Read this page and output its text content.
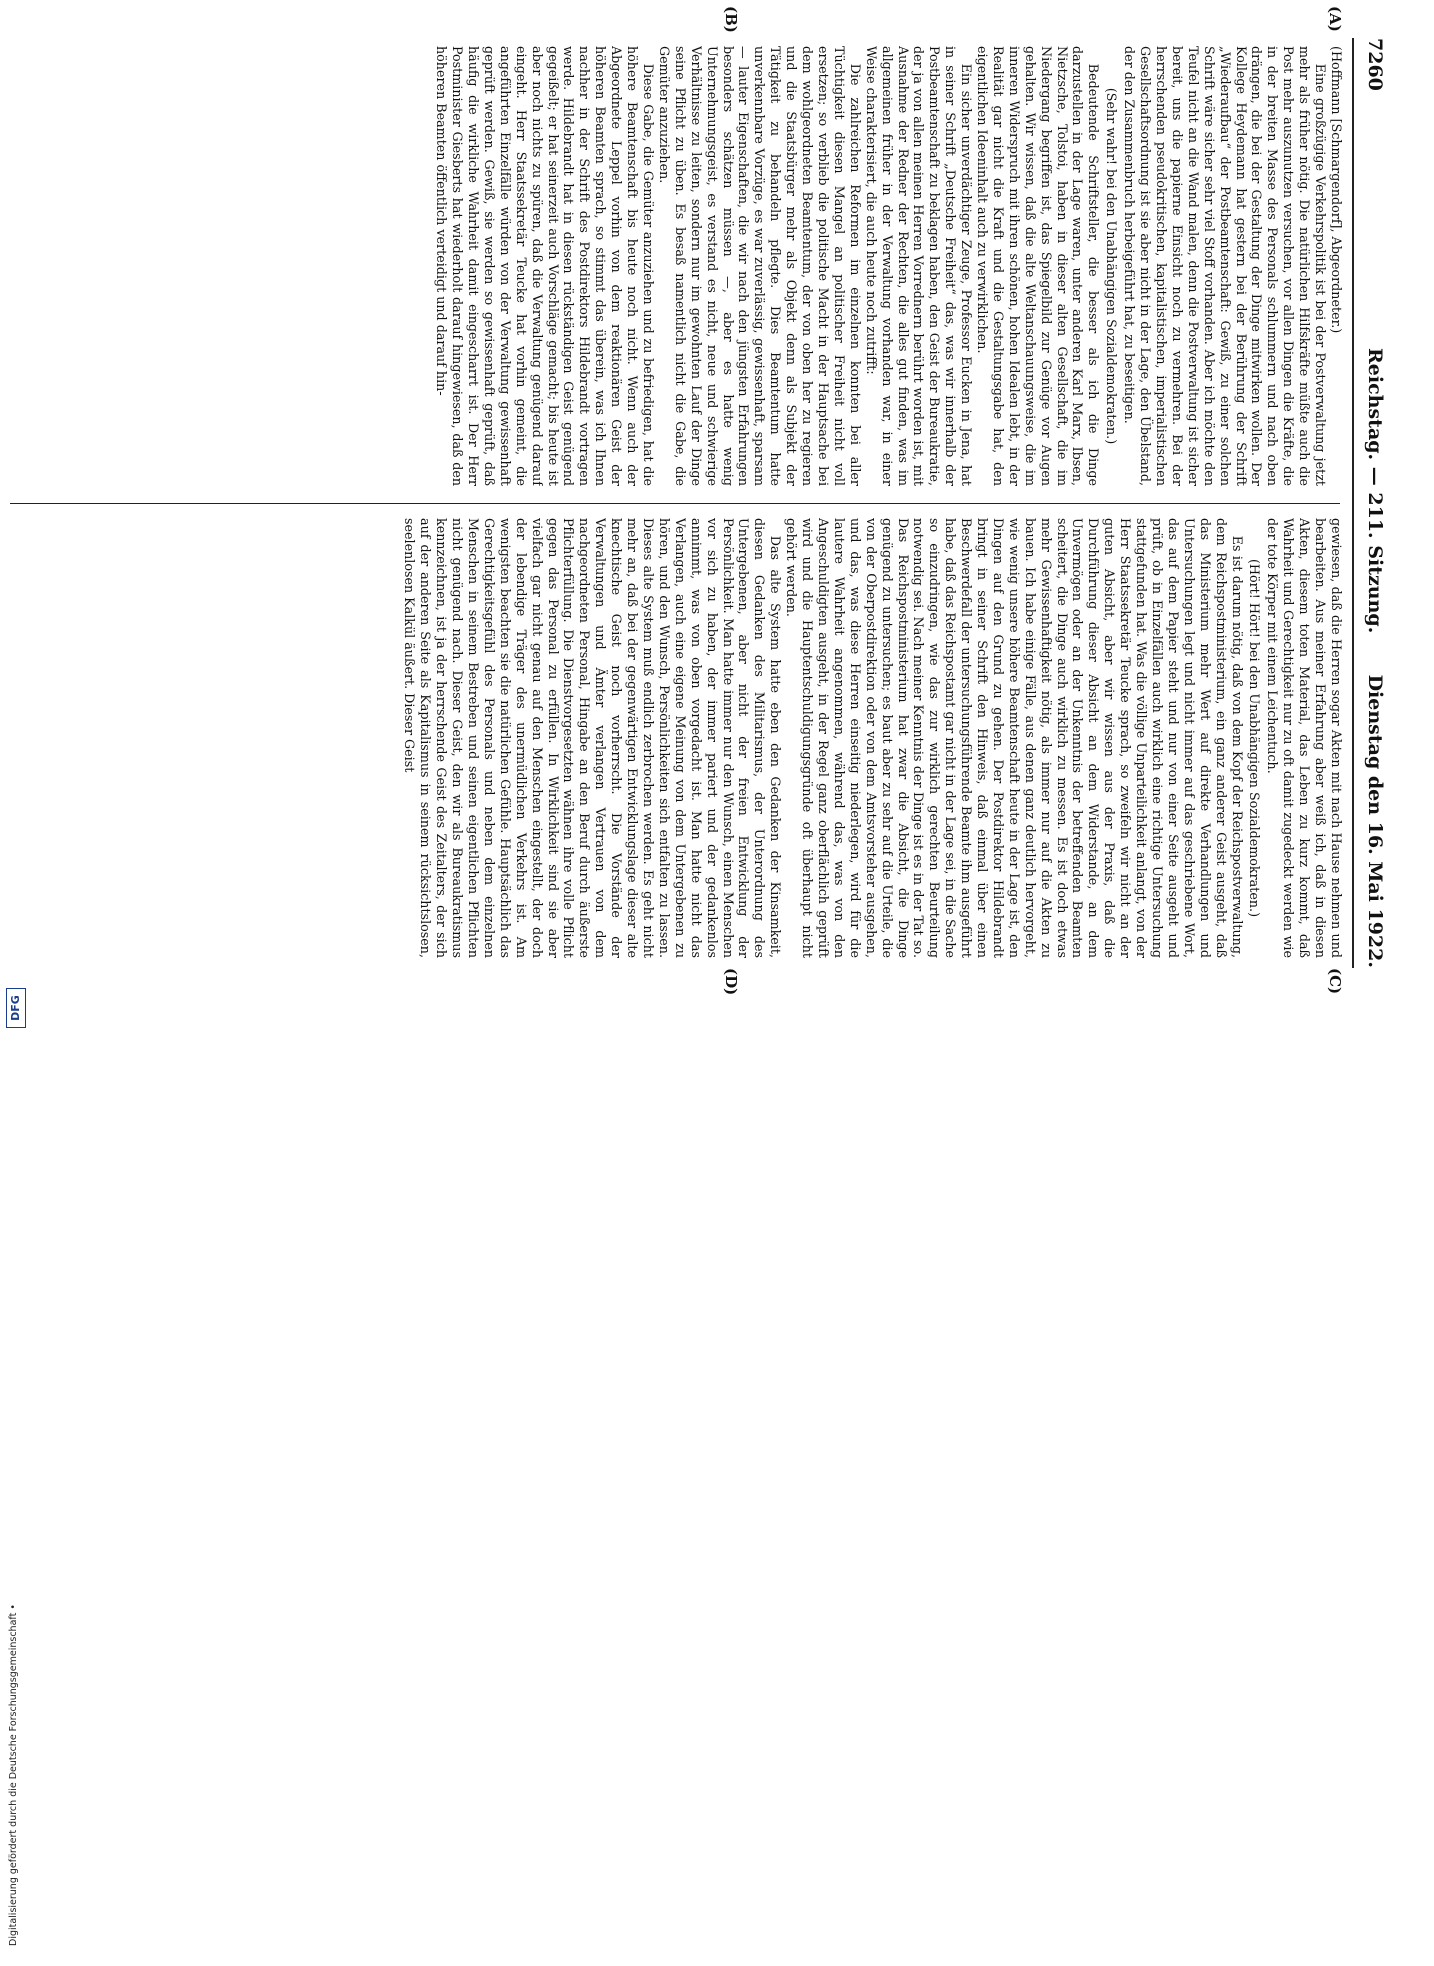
7260
Reichstag. — 211. Sitzung.
Dienstag den 16. Mai 1922.
(A)
(B)
(C)
(D)

(Hoffmann [Schmargendorf], Abgeordneter.)

Eine großzügige Verkehrspolitik ist bei der Postverwaltung jetzt mehr als früher nötig. Die natürlichen Hilfskräfte müßte auch die Post mehr auszunutzen versuchen, vor allen Dingen die Kräfte, die in der breiten Masse des Personals schlummern und nach oben drängen, die bei der Gestaltung der Dinge mitwirken wollen. Der Kollege Heydemann hat gestern bei der Berührung der Schrift „Wiederaufbau“ der Postbeamtenschaft: Gewiß, zu einer solchen Schrift wäre sicher sehr viel Stoff vorhanden. Aber ich möchte den Teufel nicht an die Wand malen, denn die Postverwaltung ist sicher bereit, uns die papierne Einsicht noch zu vermehren. Bei der herrschenden pseudokritischen, kapitalistischen, imperialistischen Gesellschaftsordnung ist sie aber nicht in der Lage, den Übelstand, der den Zusammenbruch herbeigeführt hat, zu beseitigen.

(Sehr wahr! bei den Unabhängigen Sozialdemokraten.)

Bedeutende Schriftsteller, die besser als ich die Dinge darzustellen in der Lage waren, unter anderen Karl Marx, Ibsen, Nietzsche, Tolstoi, haben in dieser alten Gesellschaft, die im Niedergang begriffen ist, das Spiegelbild zur Genüge vor Augen gehalten. Wir wissen, daß die alte Weltanschauungsweise, die im inneren Widerspruch mit ihren schönen, hohen Idealen lebt, in der Realität gar nicht die Kraft und die Gestaltungsgabe hat, den eigentlichen Ideeninhalt auch zu verwirklichen.

Ein sicher unverdächtiger Zeuge, Professor Eucken in Jena, hat in seiner Schrift „Deutsche Freiheit“ das, was wir innerhalb der Postbeamtenschaft zu beklagen haben, den Geist der Bureaukratie, der ja von allen meinen Herren Vorrednern berührt worden ist, mit Ausnahme der Redner der Rechten, die alles gut finden, was im allgemeinen früher in der Verwaltung vorhanden war, in einer Weise charakterisiert, die auch heute noch zutrifft:

Die zahlreichen Reformen im einzelnen konnten bei aller Tüchtigkeit diesen Mangel an politischer Freiheit nicht voll ersetzen; so verblieb die politische Macht in der Hauptsache bei dem wohlgeordneten Beamtentum, der von oben her zu regieren und die Staatsbürger mehr als Objekt denn als Subjekt der Tätigkeit zu behandeln pflegte. Dies Beamtentum hatte unverkennbare Vorzüge, es war zuverlässig, gewissenhaft, sparsam — lauter Eigenschaften, die wir nach den jüngsten Erfahrungen besonders schätzen müssen —, aber es hatte wenig Unternehmungsgeist, es verstand es nicht, neue und schwierige Verhältnisse zu leiten, sondern nur im gewohnten Lauf der Dinge seine Pflicht zu üben. Es besaß namentlich nicht die Gabe, die Gemüter anzuziehen.

Diese Gabe, die Gemüter anzuziehen und zu befriedigen, hat die höhere Beamtenschaft bis heute noch nicht. Wenn auch der Abgeordnete Leppel vorhin von dem reaktionären Geist der höheren Beamten sprach, so stimmt das überein, was ich Ihnen nachher in der Schrift des Postdirektors Hildebrandt vortragen werde. Hildebrandt hat in diesen rückständigen Geist genügend gegeißelt; er hat seinerzeit auch Vorschläge gemacht; bis heute ist aber noch nichts zu spüren, daß die Verwaltung genügend darauf eingeht. Herr Staatssekretär Teucke hat vorhin gemeint, die angeführten Einzelfälle würden von der Verwaltung gewissenhaft geprüft werden. Gewiß, sie werden so gewissenhaft geprüft, daß häufig die wirkliche Wahrheit damit eingescharrt ist. Der Herr Postminister Giesberts hat wiederholt darauf hingewiesen, daß den höheren Beamten öffentlich verteidigt und darauf hin-

gewiesen, daß die Herren sogar Akten mit nach Hause nehmen und bearbeiten. Aus meiner Erfahrung aber weiß ich, daß in diesen Akten, diesem toten Material, das Leben zu kurz kommt, daß Wahrheit und Gerechtigkeit nur zu oft damit zugedeckt werden wie der tote Körper mit einem Leichentuch.

(Hört! Hört! bei den Unabhängigen Sozialdemokraten.)

Es ist darum nötig, daß von dem Kopf der Reichspostverwaltung, dem Reichspostministerium, ein ganz anderer Geist ausgeht, daß das Ministerium mehr Wert auf direkte Verhandlungen und Untersuchungen legt und nicht immer auf das geschriebene Wort, das auf dem Papier steht und nur von einer Seite ausgeht und prüft, ob in Einzelfällen auch wirklich eine richtige Untersuchung stattgefunden hat. Was die völlige Unparteilichkeit anlangt, von der Herr Staatssekretär Teucke sprach, so zweifeln wir nicht an der guten Absicht, aber wir wissen aus der Praxis, daß die Durchführung dieser Absicht an dem Widerstande, an dem Unvermögen oder an der Unkenntnis der betreffenden Beamten scheitert, die Dinge auch wirklich zu messen. Es ist doch etwas mehr Gewissenhaftigkeit nötig, als immer nur auf die Akten zu bauen. Ich habe einige Fälle, aus denen ganz deutlich hervorgeht, wie wenig unsere höhere Beamtenschaft heute in der Lage ist, den Dingen auf den Grund zu gehen. Der Postdirektor Hildebrandt bringt in seiner Schrift den Hinweis, daß einmal über einen Beschwerdefall der untersuchungsführende Beamte ihm ausgeführt habe, daß das Reichspostamt gar nicht in der Lage sei, in die Sache so einzudringen, wie das zur wirklich gerechten Beurteilung notwendig sei. Nach meiner Kenntnis der Dinge ist es in der Tat so. Das Reichspostministerium hat zwar die Absicht, die Dinge genügend zu untersuchen; es baut aber zu sehr auf die Urteile, die von der Oberpostdirektion oder von dem Amtsvorsteher ausgehen, und das, was diese Herren einseitig niederlegen, wird für die lautere Wahrheit angenommen, während das, was von den Angeschuldigten ausgeht, in der Regel ganz oberflächlich geprüft wird und die Hauptentschuldigungsgründe oft überhaupt nicht gehört werden.

Das alte System hatte eben den Gedanken der Kinsamkeit, diesen Gedanken des Militarismus, der Unterordnung des Untergebenen, aber nicht der freien Entwicklung der Persönlichkeit. Man hatte immer nur den Wunsch, einen Menschen vor sich zu haben, der immer pariert und der gedankenlos annimmt, was von oben vorgedacht ist. Man hatte nicht das Verlangen, auch eine eigene Meinung von dem Untergebenen zu hören, und den Wunsch, Persönlichkeiten sich entfalten zu lassen. Dieses alte System muß endlich zerbrochen werden. Es geht nicht mehr an, daß bei der gegenwärtigen Entwicklungslage dieser alte knechtische Geist noch vorherrscht. Die Vorstände der Verwaltungen und Ämter verlangen Vertrauen von dem nachgeordneten Personal, Hingabe an den Beruf durch äußerste Pflichterfüllung. Die Dienstvorgesetzten wähnen ihre volle Pflicht gegen das Personal zu erfüllen. In Wirklichkeit sind sie aber vielfach gar nicht genau auf den Menschen eingestellt, der doch der lebendige Träger des unermüdlichen Verkehrs ist. Am wenigsten beachten sie die natürlichen Gefühle. Hauptsächlich das Gerechtigkeitsgefühl des Personals und neben dem einzelnen Menschen in seinem Bestreben und seinen eigentlichen Pflichten nicht genügend nach. Dieser Geist, den wir als Bureaukratismus kennzeichnen, ist ja der herrschende Geist des Zeitalters, der sich auf der anderen Seite als Kapitalismus in seinem rücksichtslosen, seelenlosen Kalkül äußert. Dieser Geist

Digitalisierung gefördert durch die Deutsche Forschungsgemeinschaft •
DFG
